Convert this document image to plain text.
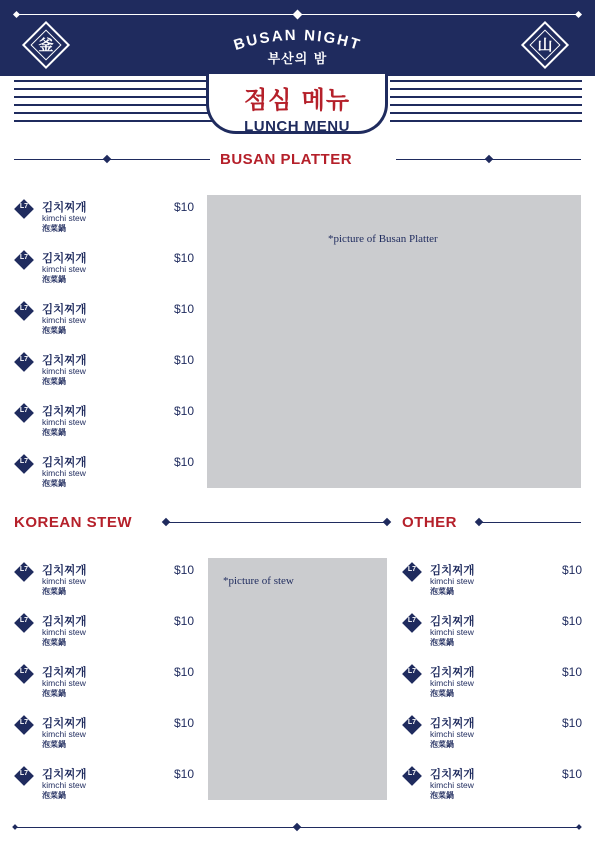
釜	山
BUSAN NIGHT
부산의 밤
점심 메뉴
LUNCH MENU
BUSAN PLATTER
L7	김치찌개
kimchi stew
泡菜鍋
$10
L7	김치찌개
kimchi stew
泡菜鍋
$10
L7	김치찌개
kimchi stew
泡菜鍋
$10
L7	김치찌개
kimchi stew
泡菜鍋
$10
L7	김치찌개
kimchi stew
泡菜鍋
$10
L7	김치찌개
kimchi stew
泡菜鍋
$10
*picture of Busan Platter
KOREAN STEW	OTHER
L7	김치찌개
kimchi stew
泡菜鍋
$10
L7	김치찌개
kimchi stew
泡菜鍋
$10
L7	김치찌개
kimchi stew
泡菜鍋
$10
L7	김치찌개
kimchi stew
泡菜鍋
$10
L7	김치찌개
kimchi stew
泡菜鍋
$10
*picture of stew
L7	김치찌개
kimchi stew
泡菜鍋
$10
L7	김치찌개
kimchi stew
泡菜鍋
$10
L7	김치찌개
kimchi stew
泡菜鍋
$10
L7	김치찌개
kimchi stew
泡菜鍋
$10
L7	김치찌개
kimchi stew
泡菜鍋
$10
